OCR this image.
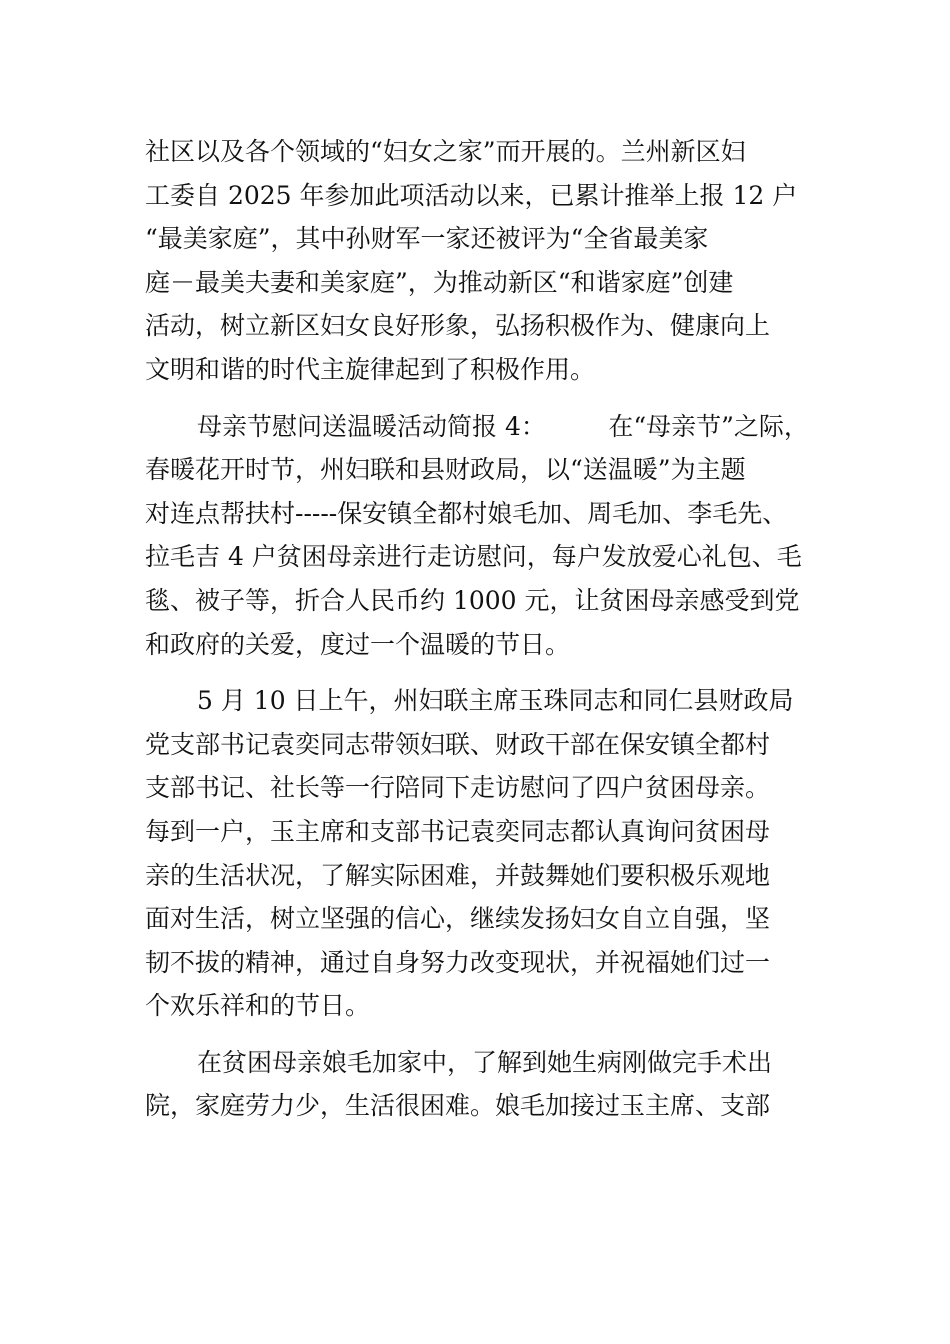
社区以及各个领域的“妇女之家”而开展的。兰州新区妇
工委自 2025 年参加此项活动以来，已累计推举上报 12 户
“最美家庭”，其中孙财军一家还被评为“全省最美家
庭－最美夫妻和美家庭”，为推动新区“和谐家庭”创建
活动，树立新区妇女良好形象，弘扬积极作为、健康向上
文明和谐的时代主旋律起到了积极作用。
母亲节慰问送温暖活动简报 4：　　　在“母亲节”之际，
春暖花开时节，州妇联和县财政局，以“送温暖”为主题
对连点帮扶村-----保安镇全都村娘毛加、周毛加、李毛先、
拉毛吉 4 户贫困母亲进行走访慰问，每户发放爱心礼包、毛
毯、被子等，折合人民币约 1000 元，让贫困母亲感受到党
和政府的关爱，度过一个温暖的节日。
5 月 10 日上午，州妇联主席玉珠同志和同仁县财政局
党支部书记袁奕同志带领妇联、财政干部在保安镇全都村
支部书记、社长等一行陪同下走访慰问了四户贫困母亲。
每到一户，玉主席和支部书记袁奕同志都认真询问贫困母
亲的生活状况，了解实际困难，并鼓舞她们要积极乐观地
面对生活，树立坚强的信心，继续发扬妇女自立自强，坚
韧不拔的精神，通过自身努力改变现状，并祝福她们过一
个欢乐祥和的节日。
在贫困母亲娘毛加家中，了解到她生病刚做完手术出
院，家庭劳力少，生活很困难。娘毛加接过玉主席、支部
